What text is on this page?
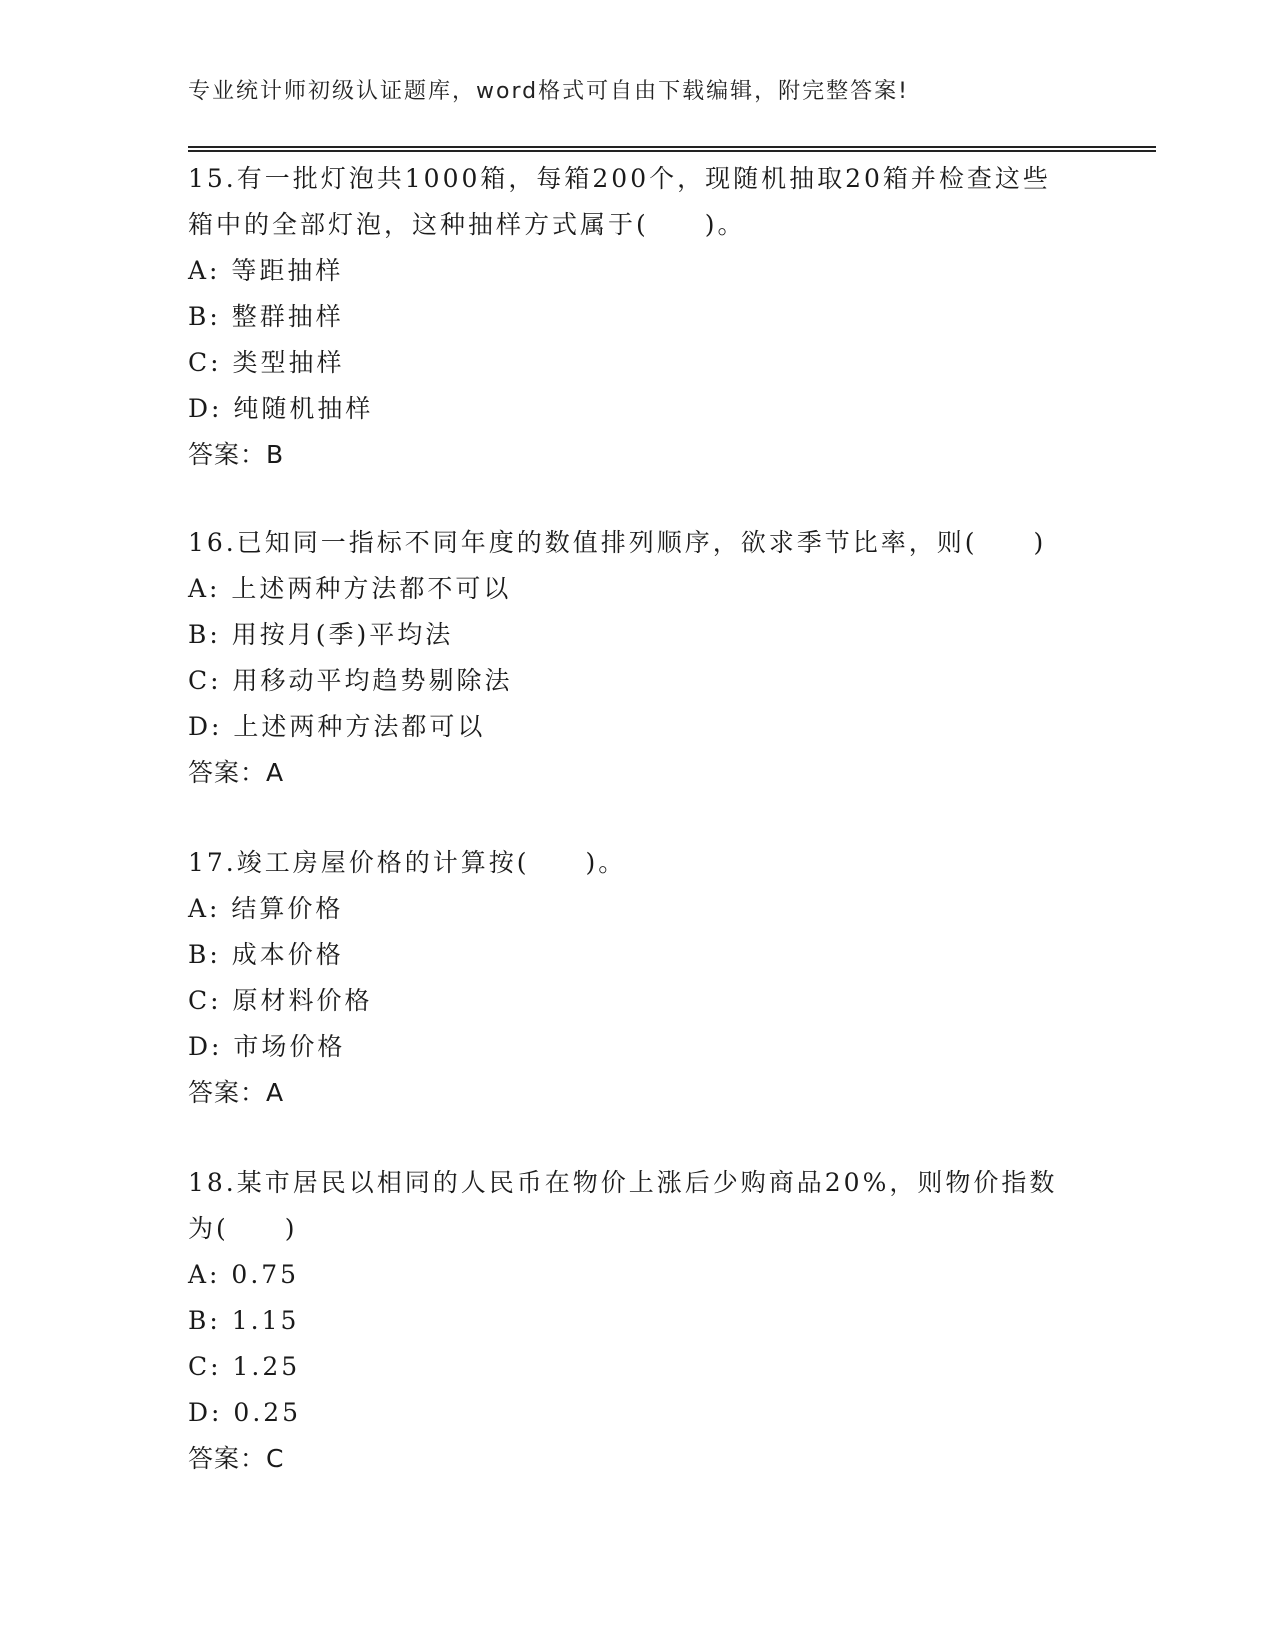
专业统计师初级认证题库，word格式可自由下载编辑，附完整答案!
15.有一批灯泡共1000箱，每箱200个，现随机抽取20箱并检查这些
箱中的全部灯泡，这种抽样方式属于(　　)。
A: 等距抽样
B: 整群抽样
C: 类型抽样
D: 纯随机抽样
答案：B
16.已知同一指标不同年度的数值排列顺序，欲求季节比率，则(　　)
A: 上述两种方法都不可以
B: 用按月(季)平均法
C: 用移动平均趋势剔除法
D: 上述两种方法都可以
答案：A
17.竣工房屋价格的计算按(　　)。
A: 结算价格
B: 成本价格
C: 原材料价格
D: 市场价格
答案：A
18.某市居民以相同的人民币在物价上涨后少购商品20%，则物价指数
为(　　)
A: 0.75
B: 1.15
C: 1.25
D: 0.25
答案：C
